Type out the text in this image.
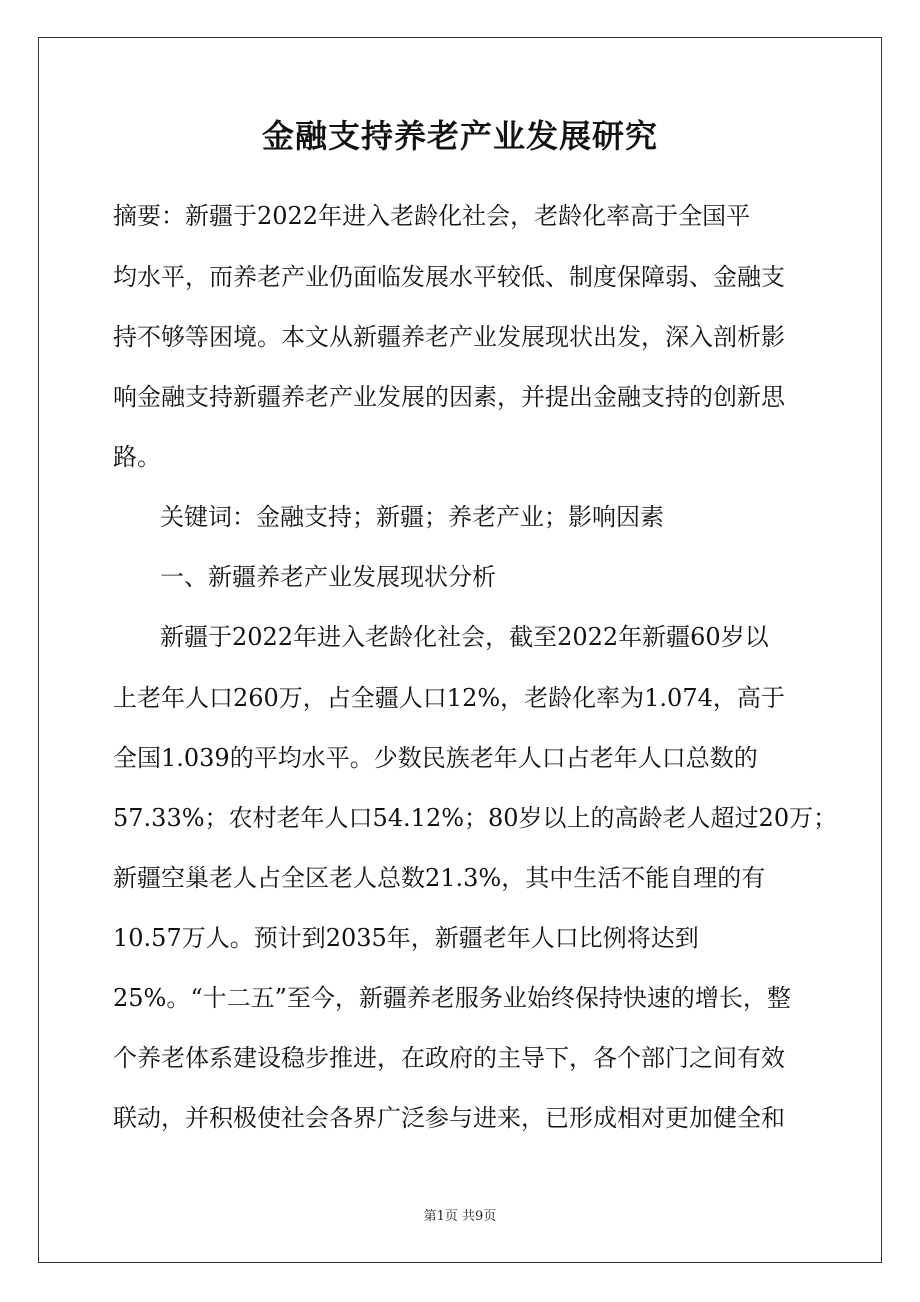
金融支持养老产业发展研究
摘要：新疆于2022年进入老龄化社会，老龄化率高于全国平
均水平，而养老产业仍面临发展水平较低、制度保障弱、金融支
持不够等困境。本文从新疆养老产业发展现状出发，深入剖析影
响金融支持新疆养老产业发展的因素，并提出金融支持的创新思
路。
关键词：金融支持；新疆；养老产业；影响因素
一、新疆养老产业发展现状分析
新疆于2022年进入老龄化社会，截至2022年新疆60岁以
上老年人口260万，占全疆人口12%，老龄化率为1.074，高于
全国1.039的平均水平。少数民族老年人口占老年人口总数的
57.33%；农村老年人口54.12%；80岁以上的高龄老人超过20万；
新疆空巢老人占全区老人总数21.3%，其中生活不能自理的有
10.57万人。预计到2035年，新疆老年人口比例将达到
25%。“十二五”至今，新疆养老服务业始终保持快速的增长，整
个养老体系建设稳步推进，在政府的主导下，各个部门之间有效
联动，并积极使社会各界广泛参与进来，已形成相对更加健全和
第1页 共9页
